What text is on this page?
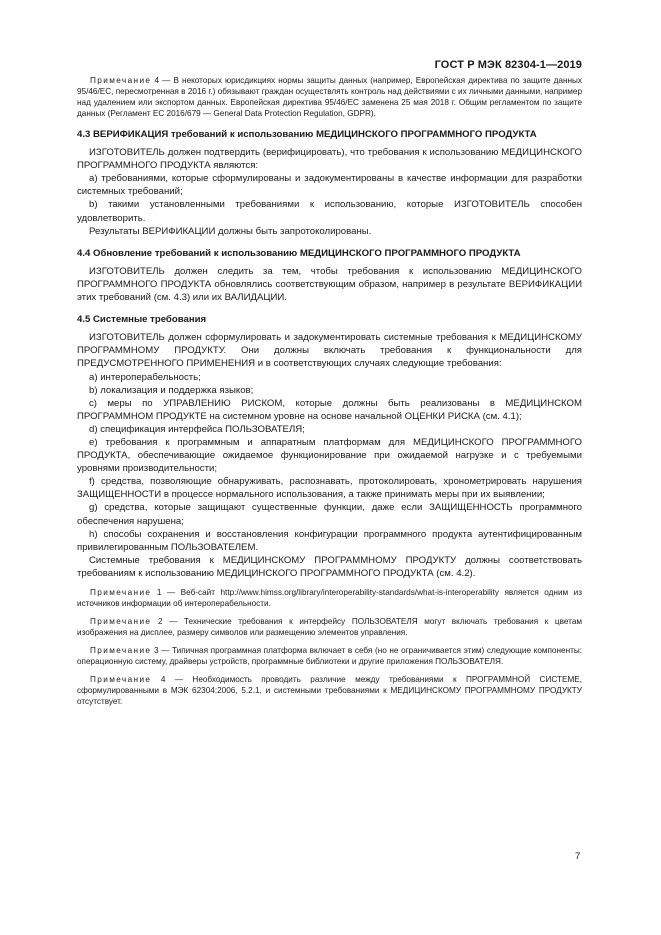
ГОСТ Р МЭК 82304-1—2019

Примечание 4 — В некоторых юрисдикциях нормы защиты данных (например, Европейская директива по защите данных 95/46/EC, пересмотренная в 2016 г.) обязывают граждан осуществлять контроль над действиями с их личными данными, например над удалением или экспортом данных. Европейская директива 95/46/EC заменена 25 мая 2018 г. Общим регламентом по защите данных (Регламент ЕС 2016/679 — General Data Protection Regulation, GDPR).

4.3 ВЕРИФИКАЦИЯ требований к использованию МЕДИЦИНСКОГО ПРОГРАММНОГО ПРОДУКТА

ИЗГОТОВИТЕЛЬ должен подтвердить (верифицировать), что требования к использованию МЕДИЦИНСКОГО ПРОГРАММНОГО ПРОДУКТА являются:

a) требованиями, которые сформулированы и задокументированы в качестве информации для разработки системных требований;

b) такими установленными требованиями к использованию, которые ИЗГОТОВИТЕЛЬ способен удовлетворить.

Результаты ВЕРИФИКАЦИИ должны быть запротоколированы.

4.4 Обновление требований к использованию МЕДИЦИНСКОГО ПРОГРАММНОГО ПРОДУКТА

ИЗГОТОВИТЕЛЬ должен следить за тем, чтобы требования к использованию МЕДИЦИНСКОГО ПРОГРАММНОГО ПРОДУКТА обновлялись соответствующим образом, например в результате ВЕРИФИКАЦИИ этих требований (см. 4.3) или их ВАЛИДАЦИИ.

4.5 Системные требования

ИЗГОТОВИТЕЛЬ должен сформулировать и задокументировать системные требования к МЕДИЦИНСКОМУ ПРОГРАММНОМУ ПРОДУКТУ. Они должны включать требования к функциональности для ПРЕДУСМОТРЕННОГО ПРИМЕНЕНИЯ и в соответствующих случаях следующие требования:

a) интероперабельность;

b) локализация и поддержка языков;

c) меры по УПРАВЛЕНИЮ РИСКОМ, которые должны быть реализованы в МЕДИЦИНСКОМ ПРОГРАММНОМ ПРОДУКТЕ на системном уровне на основе начальной ОЦЕНКИ РИСКА (см. 4.1);

d) спецификация интерфейса ПОЛЬЗОВАТЕЛЯ;

e) требования к программным и аппаратным платформам для МЕДИЦИНСКОГО ПРОГРАММНОГО ПРОДУКТА, обеспечивающие ожидаемое функционирование при ожидаемой нагрузке и с требуемыми уровнями производительности;

f) средства, позволяющие обнаруживать, распознавать, протоколировать, хронометрировать нарушения ЗАЩИЩЕННОСТИ в процессе нормального использования, а также принимать меры при их выявлении;

g) средства, которые защищают существенные функции, даже если ЗАЩИЩЕННОСТЬ программного обеспечения нарушена;

h) способы сохранения и восстановления конфигурации программного продукта аутентифицированным привилегированным ПОЛЬЗОВАТЕЛЕМ.

Системные требования к МЕДИЦИНСКОМУ ПРОГРАММНОМУ ПРОДУКТУ должны соответствовать требованиям к использованию МЕДИЦИНСКОГО ПРОГРАММНОГО ПРОДУКТА (см. 4.2).

Примечание 1 — Веб-сайт http://www.himss.org/library/interoperability-standards/what-is-interoperability является одним из источников информации об интероперабельности.

Примечание 2 — Технические требования к интерфейсу ПОЛЬЗОВАТЕЛЯ могут включать требования к цветам изображения на дисплее, размеру символов или размещению элементов управления.

Примечание 3 — Типичная программная платформа включает в себя (но не ограничивается этим) следующие компоненты: операционную систему, драйверы устройств, программные библиотеки и другие приложения ПОЛЬЗОВАТЕЛЯ.

Примечание 4 — Необходимость проводить различие между требованиями к ПРОГРАММНОЙ СИСТЕМЕ, сформулированными в МЭК 62304:2006, 5.2.1, и системными требованиями к МЕДИЦИНСКОМУ ПРОГРАММНОМУ ПРОДУКТУ отсутствует.

7
